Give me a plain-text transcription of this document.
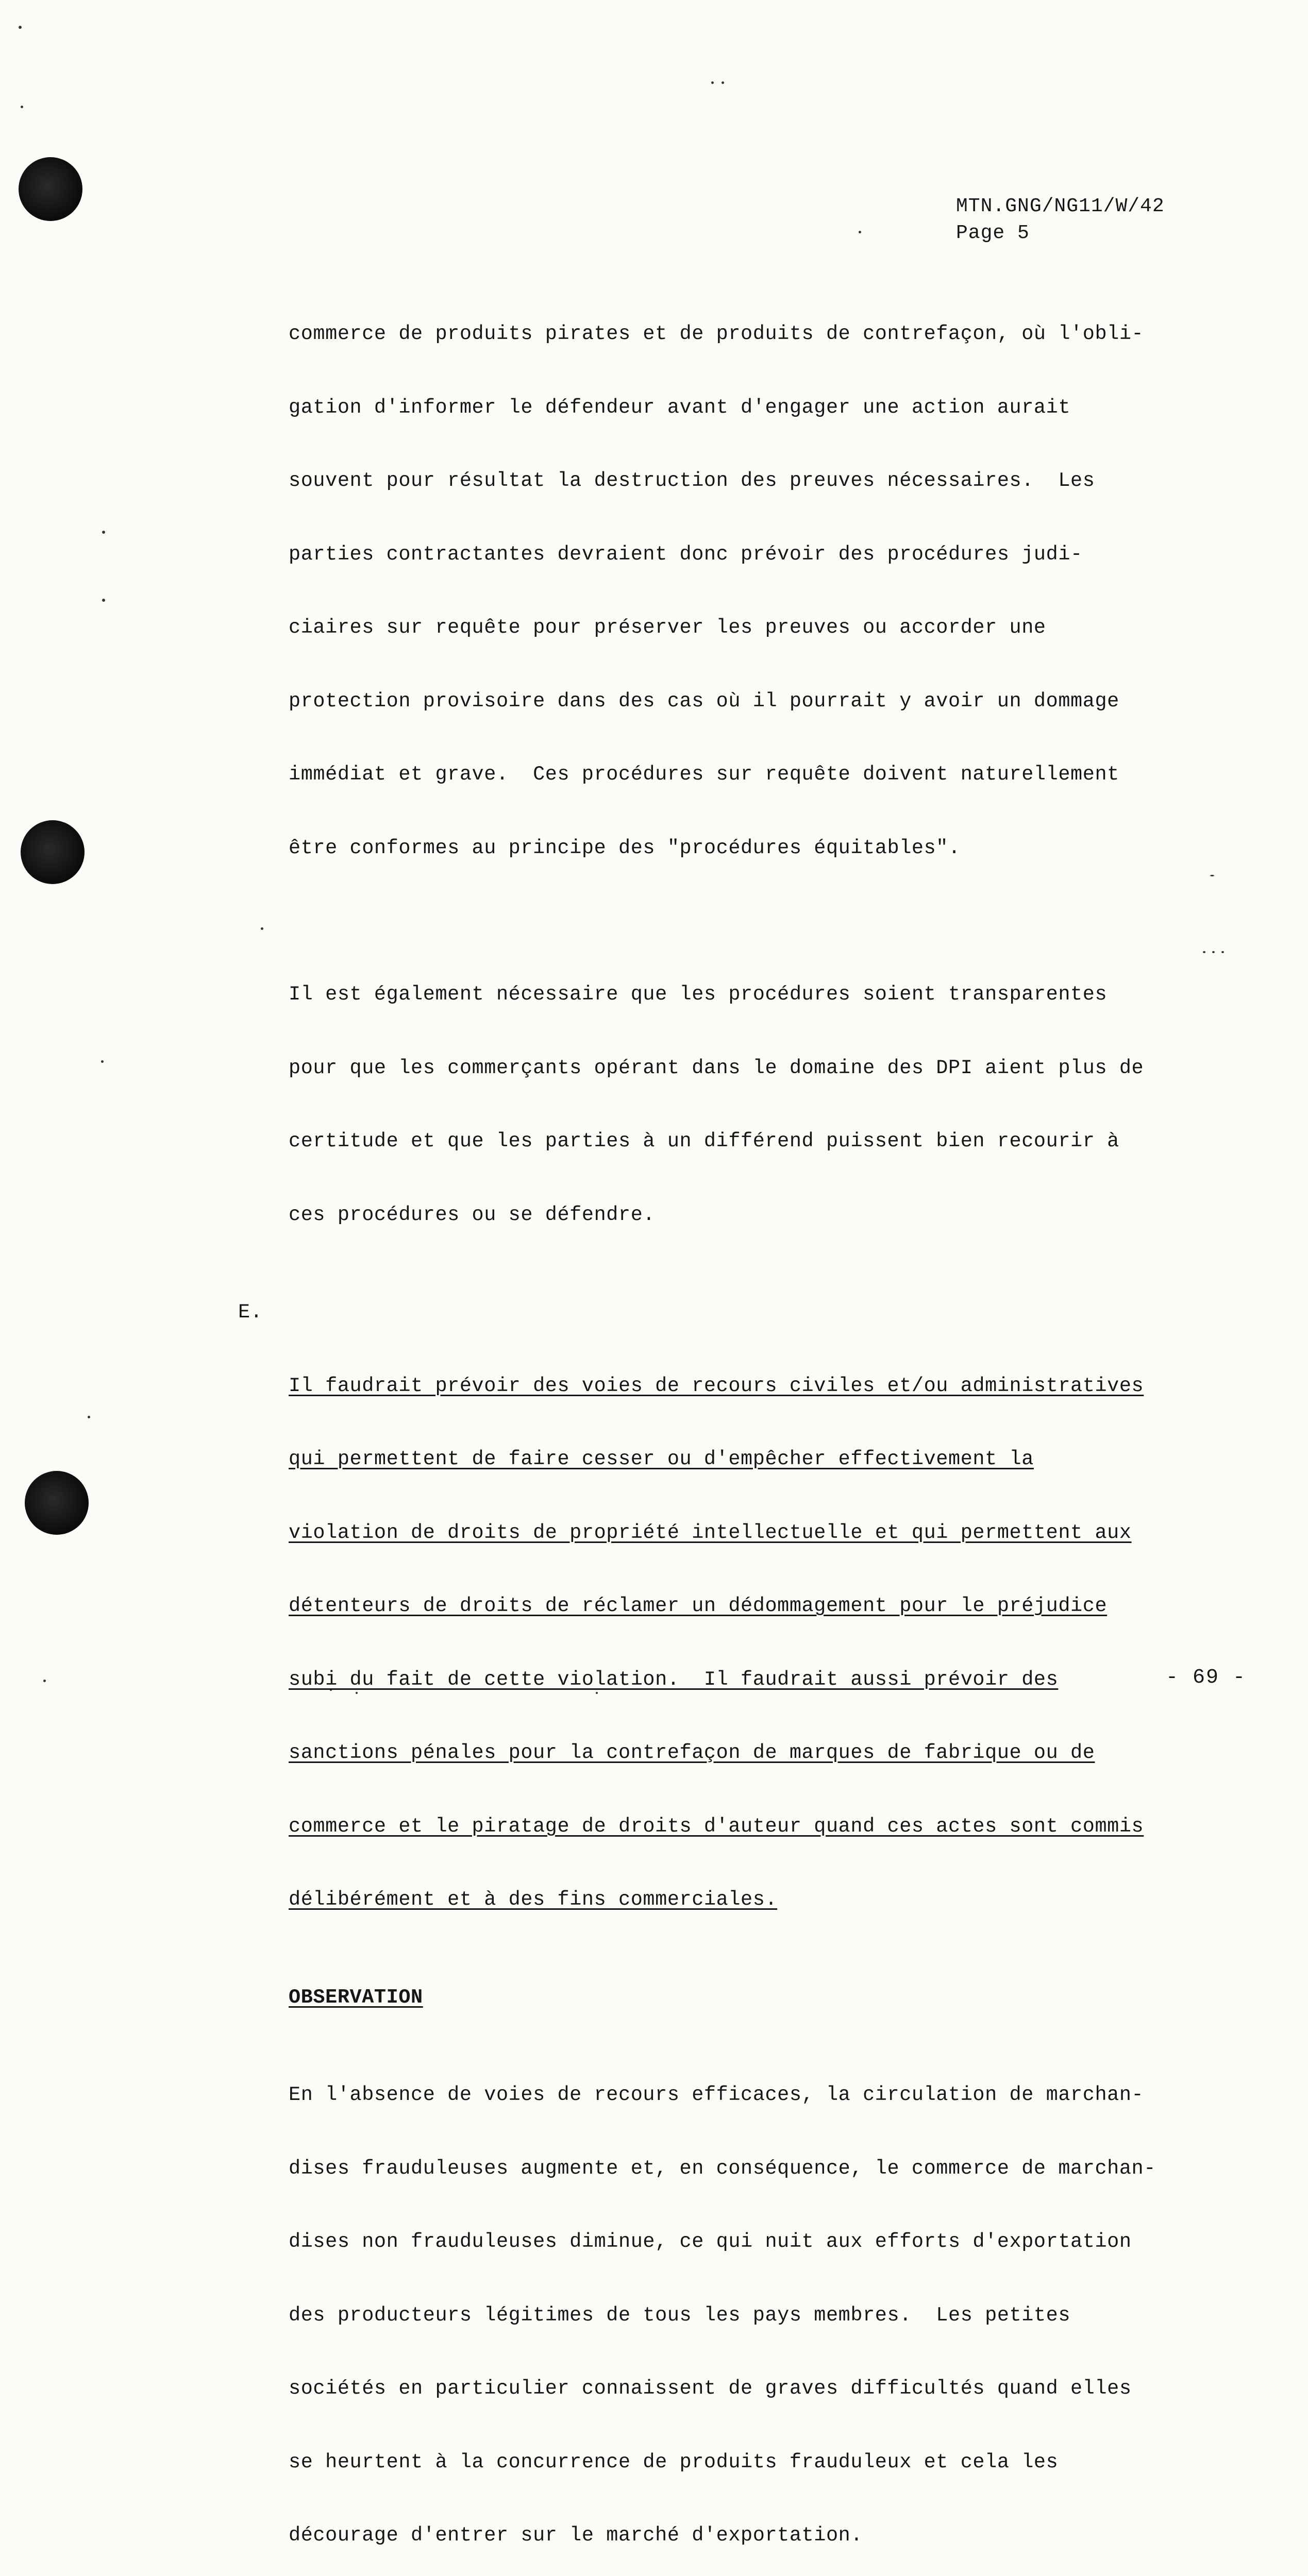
MTN.GNG/NG11/W/42
Page 5

commerce de produits pirates et de produits de contrefaçon, où l'obli-

gation d'informer le défendeur avant d'engager une action aurait

souvent pour résultat la destruction des preuves nécessaires.  Les

parties contractantes devraient donc prévoir des procédures judi-

ciaires sur requête pour préserver les preuves ou accorder une

protection provisoire dans des cas où il pourrait y avoir un dommage

immédiat et grave.  Ces procédures sur requête doivent naturellement

être conformes au principe des "procédures équitables".

Il est également nécessaire que les procédures soient transparentes

pour que les commerçants opérant dans le domaine des DPI aient plus de

certitude et que les parties à un différend puissent bien recourir à

ces procédures ou se défendre.

E.

Il faudrait prévoir des voies de recours civiles et/ou administratives

qui permettent de faire cesser ou d'empêcher effectivement la

violation de droits de propriété intellectuelle et qui permettent aux

détenteurs de droits de réclamer un dédommagement pour le préjudice

subi du fait de cette violation.  Il faudrait aussi prévoir des

sanctions pénales pour la contrefaçon de marques de fabrique ou de

commerce et le piratage de droits d'auteur quand ces actes sont commis

délibérément et à des fins commerciales.

OBSERVATION

En l'absence de voies de recours efficaces, la circulation de marchan-

dises frauduleuses augmente et, en conséquence, le commerce de marchan-

dises non frauduleuses diminue, ce qui nuit aux efforts d'exportation

des producteurs légitimes de tous les pays membres.  Les petites

sociétés en particulier connaissent de graves difficultés quand elles

se heurtent à la concurrence de produits frauduleux et cela les

décourage d'entrer sur le marché d'exportation.

- 69 -
